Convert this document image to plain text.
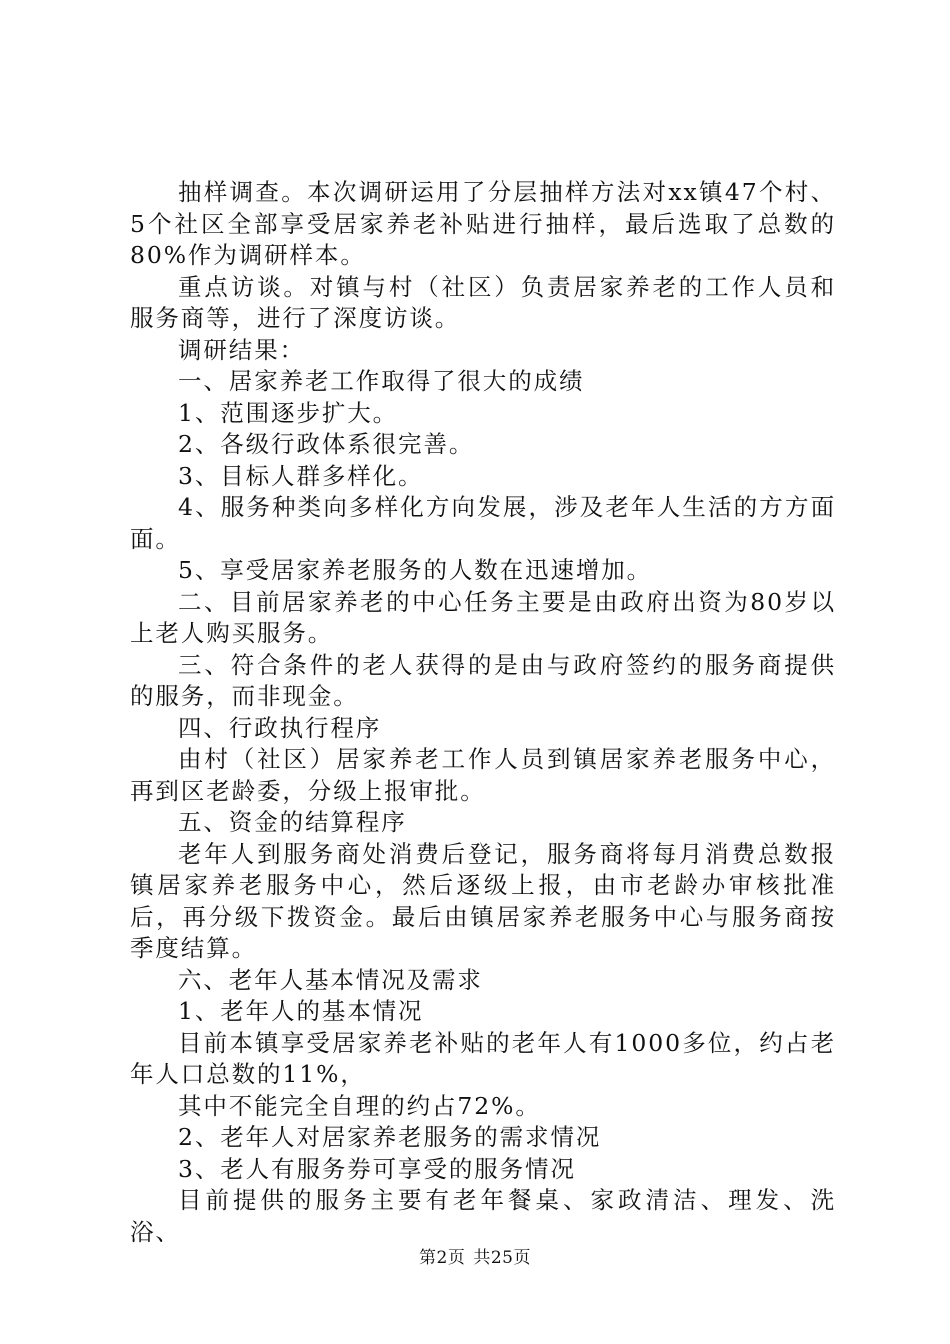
抽样调查。本次调研运用了分层抽样方法对xx镇47个村、5个社区全部享受居家养老补贴进行抽样，最后选取了总数的80%作为调研样本。

重点访谈。对镇与村（社区）负责居家养老的工作人员和服务商等，进行了深度访谈。

调研结果：

一、居家养老工作取得了很大的成绩

1、范围逐步扩大。

2、各级行政体系很完善。

3、目标人群多样化。

4、服务种类向多样化方向发展，涉及老年人生活的方方面面。

5、享受居家养老服务的人数在迅速增加。

二、目前居家养老的中心任务主要是由政府出资为80岁以上老人购买服务。

三、符合条件的老人获得的是由与政府签约的服务商提供的服务，而非现金。

四、行政执行程序

由村（社区）居家养老工作人员到镇居家养老服务中心，再到区老龄委，分级上报审批。

五、资金的结算程序

老年人到服务商处消费后登记，服务商将每月消费总数报镇居家养老服务中心，然后逐级上报，由市老龄办审核批准后，再分级下拨资金。最后由镇居家养老服务中心与服务商按季度结算。

六、老年人基本情况及需求

1、老年人的基本情况

目前本镇享受居家养老补贴的老年人有1000多位，约占老年人口总数的11%，

其中不能完全自理的约占72%。

2、老年人对居家养老服务的需求情况

3、老人有服务券可享受的服务情况

目前提供的服务主要有老年餐桌、家政清洁、理发、洗浴、

第2页 共25页
